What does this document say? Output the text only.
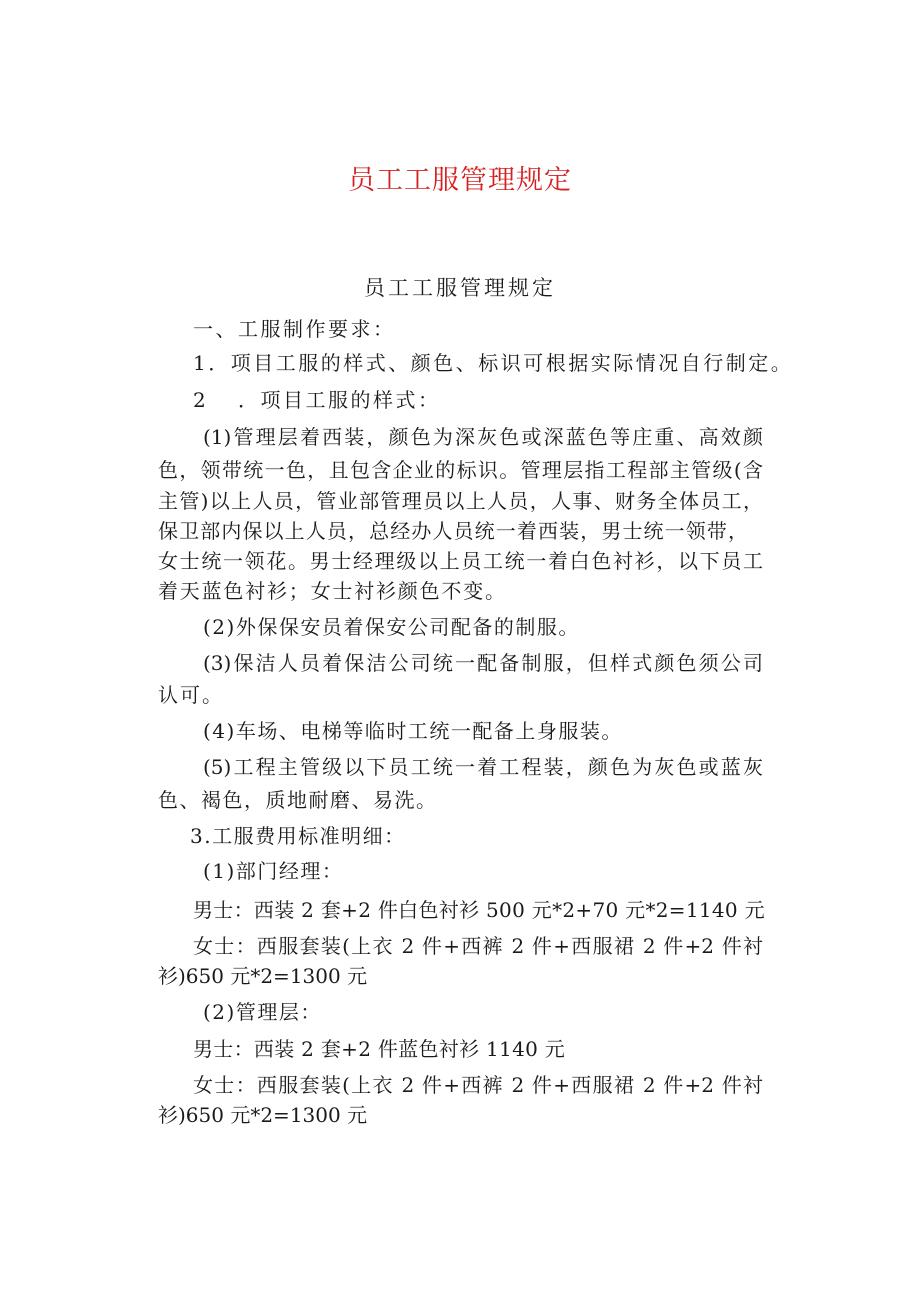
员工工服管理规定
员工工服管理规定
一、工服制作要求：
1．项目工服的样式、颜色、标识可根据实际情况自行制定。
2 ．项目工服的样式：
(1)管理层着西装，颜色为深灰色或深蓝色等庄重、高效颜
色，领带统一色，且包含企业的标识。管理层指工程部主管级(含
主管)以上人员，管业部管理员以上人员，人事、财务全体员工，
保卫部内保以上人员，总经办人员统一着西装，男士统一领带，
女士统一领花。男士经理级以上员工统一着白色衬衫，以下员工
着天蓝色衬衫；女士衬衫颜色不变。
(2)外保保安员着保安公司配备的制服。
(3)保洁人员着保洁公司统一配备制服，但样式颜色须公司
认可。
(4)车场、电梯等临时工统一配备上身服装。
(5)工程主管级以下员工统一着工程装，颜色为灰色或蓝灰
色、褐色，质地耐磨、易洗。
3.工服费用标准明细：
(1)部门经理：
男士：西装 2 套+2 件白色衬衫 500 元*2+70 元*2=1140 元
女士：西服套装(上衣 2 件+西裤 2 件+西服裙 2 件+2 件衬
衫)650 元*2=1300 元
(2)管理层：
男士：西装 2 套+2 件蓝色衬衫 1140 元
女士：西服套装(上衣 2 件+西裤 2 件+西服裙 2 件+2 件衬
衫)650 元*2=1300 元
